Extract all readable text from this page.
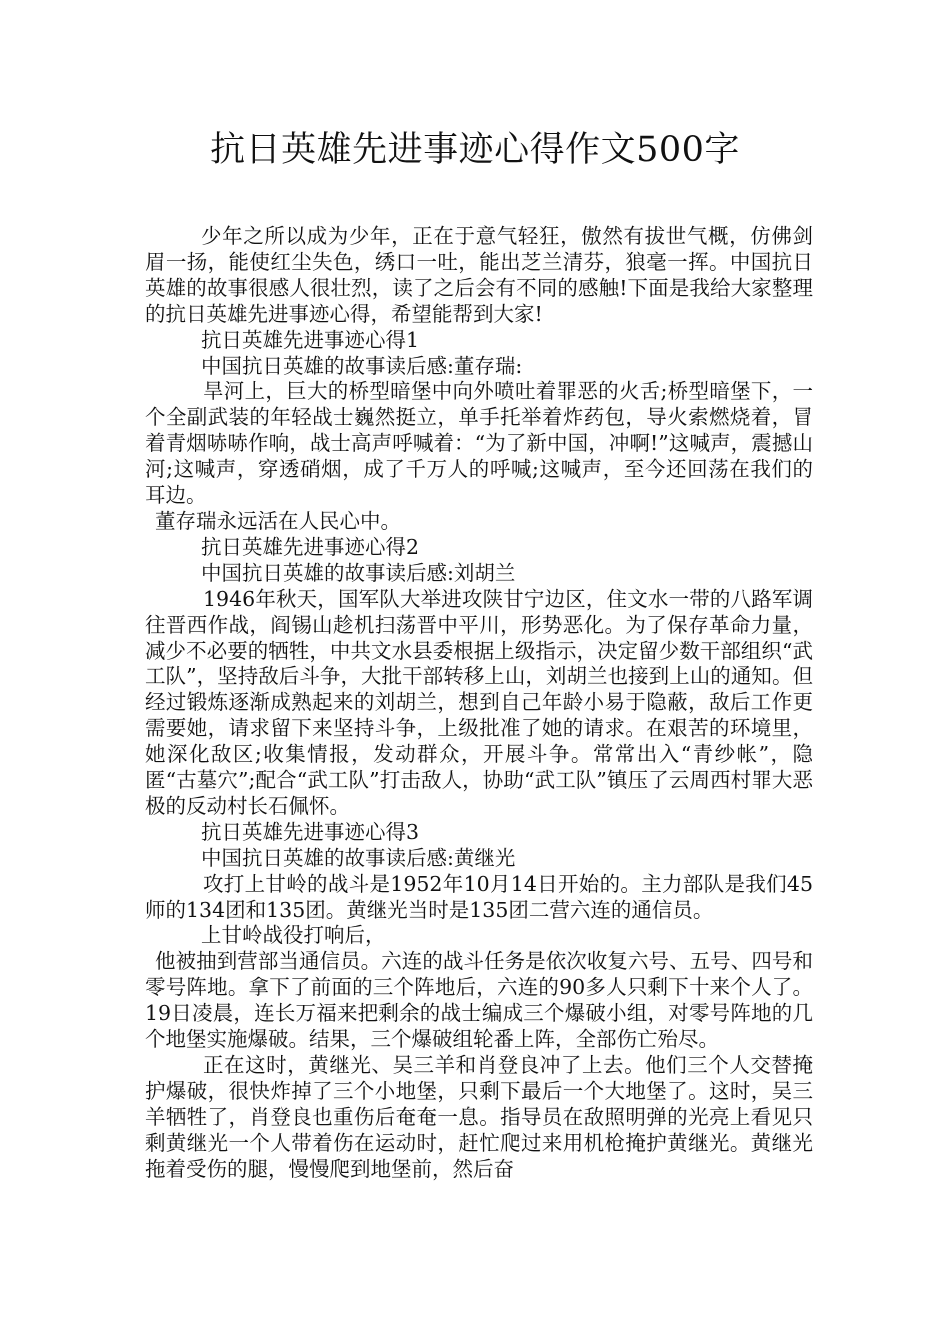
抗日英雄先进事迹心得作文500字

少年之所以成为少年，正在于意气轻狂，傲然有拔世气概，仿佛剑眉一扬，能使红尘失色，绣口一吐，能出芝兰清芬，狼毫一挥。中国抗日英雄的故事很感人很壮烈，读了之后会有不同的感触!下面是我给大家整理的抗日英雄先进事迹心得，希望能帮到大家!

抗日英雄先进事迹心得1

中国抗日英雄的故事读后感:董存瑞:

旱河上，巨大的桥型暗堡中向外喷吐着罪恶的火舌;桥型暗堡下，一个全副武装的年轻战士巍然挺立，单手托举着炸药包，导火索燃烧着，冒着青烟哧哧作响，战士高声呼喊着：“为了新中国，冲啊!”这喊声，震撼山河;这喊声，穿透硝烟，成了千万人的呼喊;这喊声，至今还回荡在我们的耳边。

董存瑞永远活在人民心中。

抗日英雄先进事迹心得2

中国抗日英雄的故事读后感:刘胡兰

1946年秋天，国军队大举进攻陕甘宁边区，住文水一带的八路军调往晋西作战，阎锡山趁机扫荡晋中平川，形势恶化。为了保存革命力量，减少不必要的牺牲，中共文水县委根据上级指示，决定留少数干部组织“武工队”，坚持敌后斗争，大批干部转移上山，刘胡兰也接到上山的通知。但经过锻炼逐渐成熟起来的刘胡兰，想到自己年龄小易于隐蔽，敌后工作更需要她，请求留下来坚持斗争，上级批准了她的请求。在艰苦的环境里，她深化敌区;收集情报，发动群众，开展斗争。常常出入“青纱帐”，隐匿“古墓穴”;配合“武工队”打击敌人，协助“武工队”镇压了云周西村罪大恶极的反动村长石佩怀。

抗日英雄先进事迹心得3

中国抗日英雄的故事读后感:黄继光

攻打上甘岭的战斗是1952年10月14日开始的。主力部队是我们45师的134团和135团。黄继光当时是135团二营六连的通信员。

上甘岭战役打响后，

他被抽到营部当通信员。六连的战斗任务是依次收复六号、五号、四号和零号阵地。拿下了前面的三个阵地后，六连的90多人只剩下十来个人了。19日凌晨，连长万福来把剩余的战士编成三个爆破小组，对零号阵地的几个地堡实施爆破。结果，三个爆破组轮番上阵，全部伤亡殆尽。

正在这时，黄继光、吴三羊和肖登良冲了上去。他们三个人交替掩护爆破，很快炸掉了三个小地堡，只剩下最后一个大地堡了。这时，吴三羊牺牲了，肖登良也重伤后奄奄一息。指导员在敌照明弹的光亮上看见只剩黄继光一个人带着伤在运动时，赶忙爬过来用机枪掩护黄继光。黄继光拖着受伤的腿，慢慢爬到地堡前，然后奋
